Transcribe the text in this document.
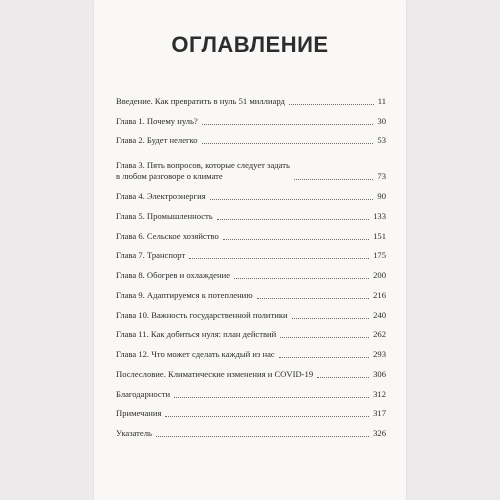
ОГЛАВЛЕНИЕ
Введение. Как превратить в нуль 51 миллиард	11
Глава 1. Почему нуль?	30
Глава 2. Будет нелегко	53
Глава 3. Пять вопросов, которые следует задать
в любом разговоре о климате	73
Глава 4. Электроэнергия	90
Глава 5. Промышленность	133
Глава 6. Сельское хозяйство	151
Глава 7. Транспорт	175
Глава 8. Обогрев и охлаждение	200
Глава 9. Адаптируемся к потеплению	216
Глава 10. Важность государственной политики	240
Глава 11. Как добиться нуля: план действий	262
Глава 12. Что может сделать каждый из нас	293
Послесловие. Климатические изменения и COVID-19	306
Благодарности	312
Примечания	317
Указатель	326
